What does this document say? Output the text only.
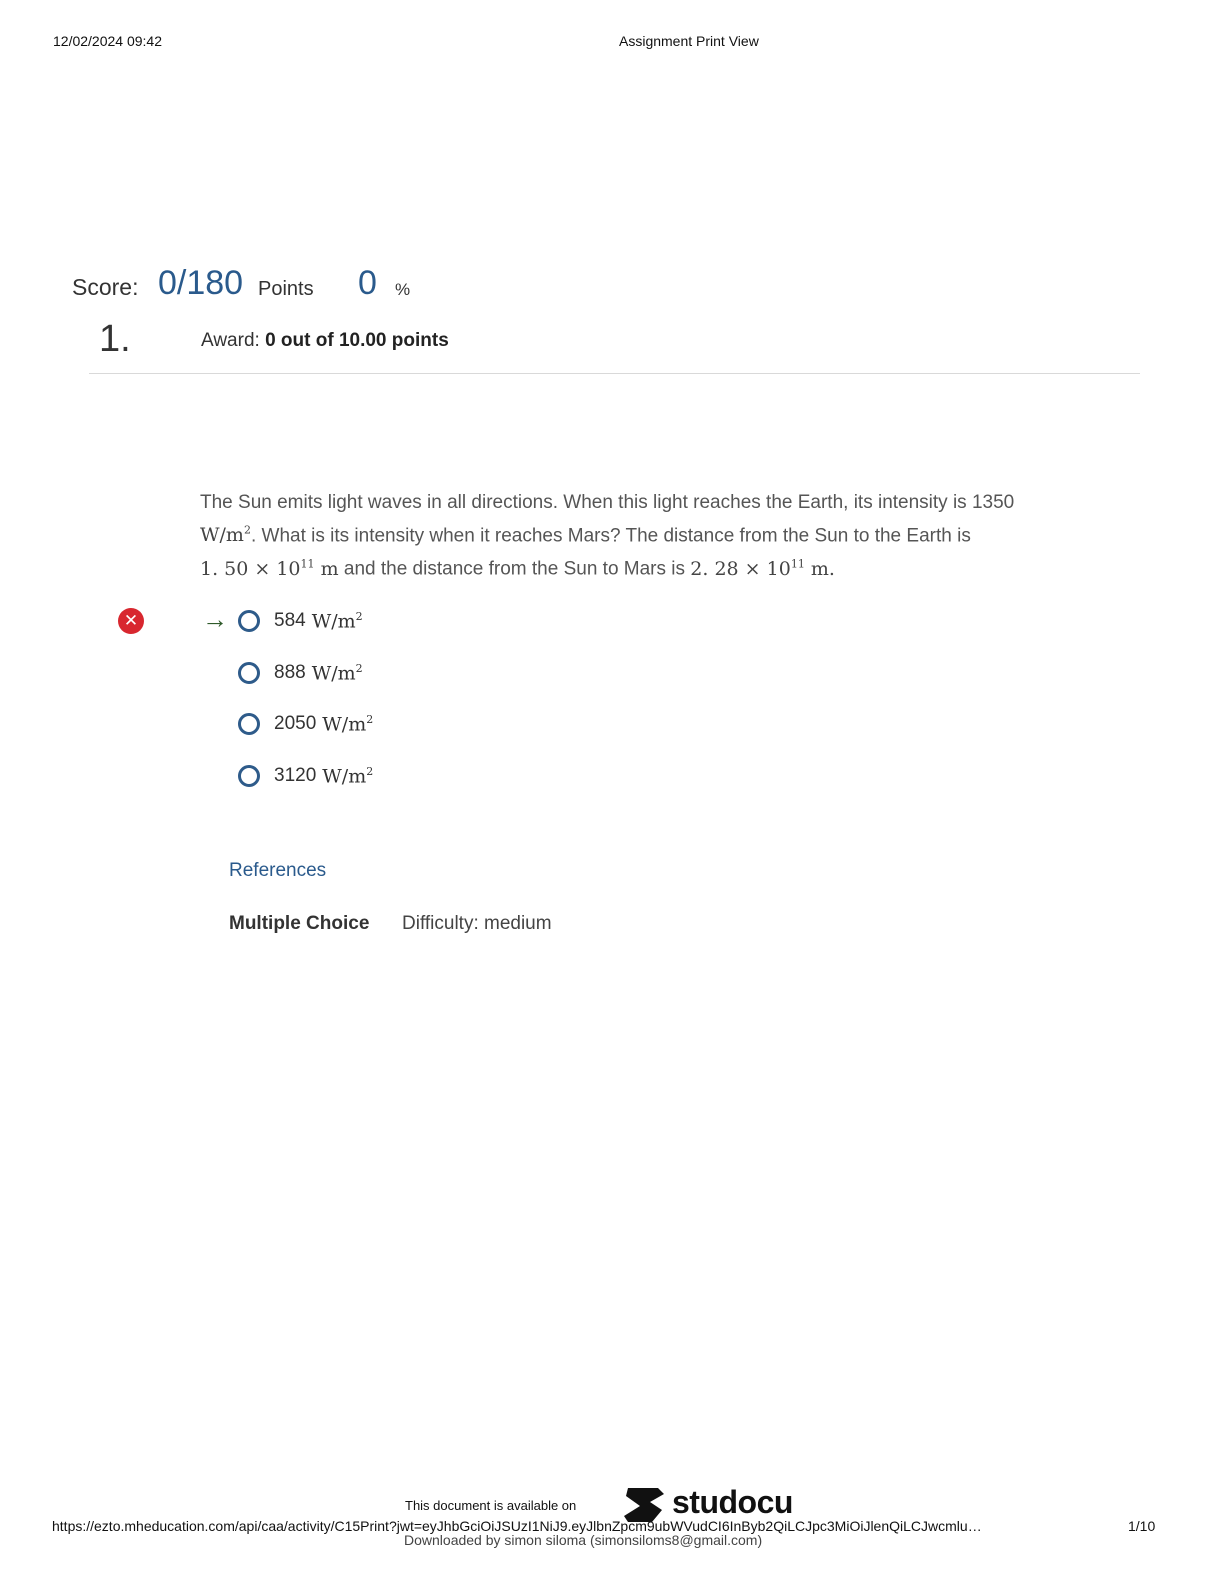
12/02/2024 09:42	Assignment Print View
Score: 0/180 Points 0 %
1.	Award: 0 out of 10.00 points
The Sun emits light waves in all directions. When this light reaches the Earth, its intensity is 1350
$W/m^2$. What is its intensity when it reaches Mars? The distance from the Sun to the Earth is
1. $50 \times 10^{11}$ m and the distance from the Sun to Mars is 2. $28 \times 10^{11}$ m.
✕ → 584 $W/m^2$
888 $W/m^2$
2050 $W/m^2$
3120 $W/m^2$
References
Multiple Choice Difficulty: medium
This document is available on	studocu
https://ezto.mheducation.com/api/caa/activity/C15Print?jwt=eyJhbGciOiJSUzI1NiJ9.eyJlbnZpcm9ubWVudCI6InByb2QiLCJpc3MiOiJlenQiLCJwcmlu…	1/10
Downloaded by simon siloma (simonsiloms8@gmail.com)
